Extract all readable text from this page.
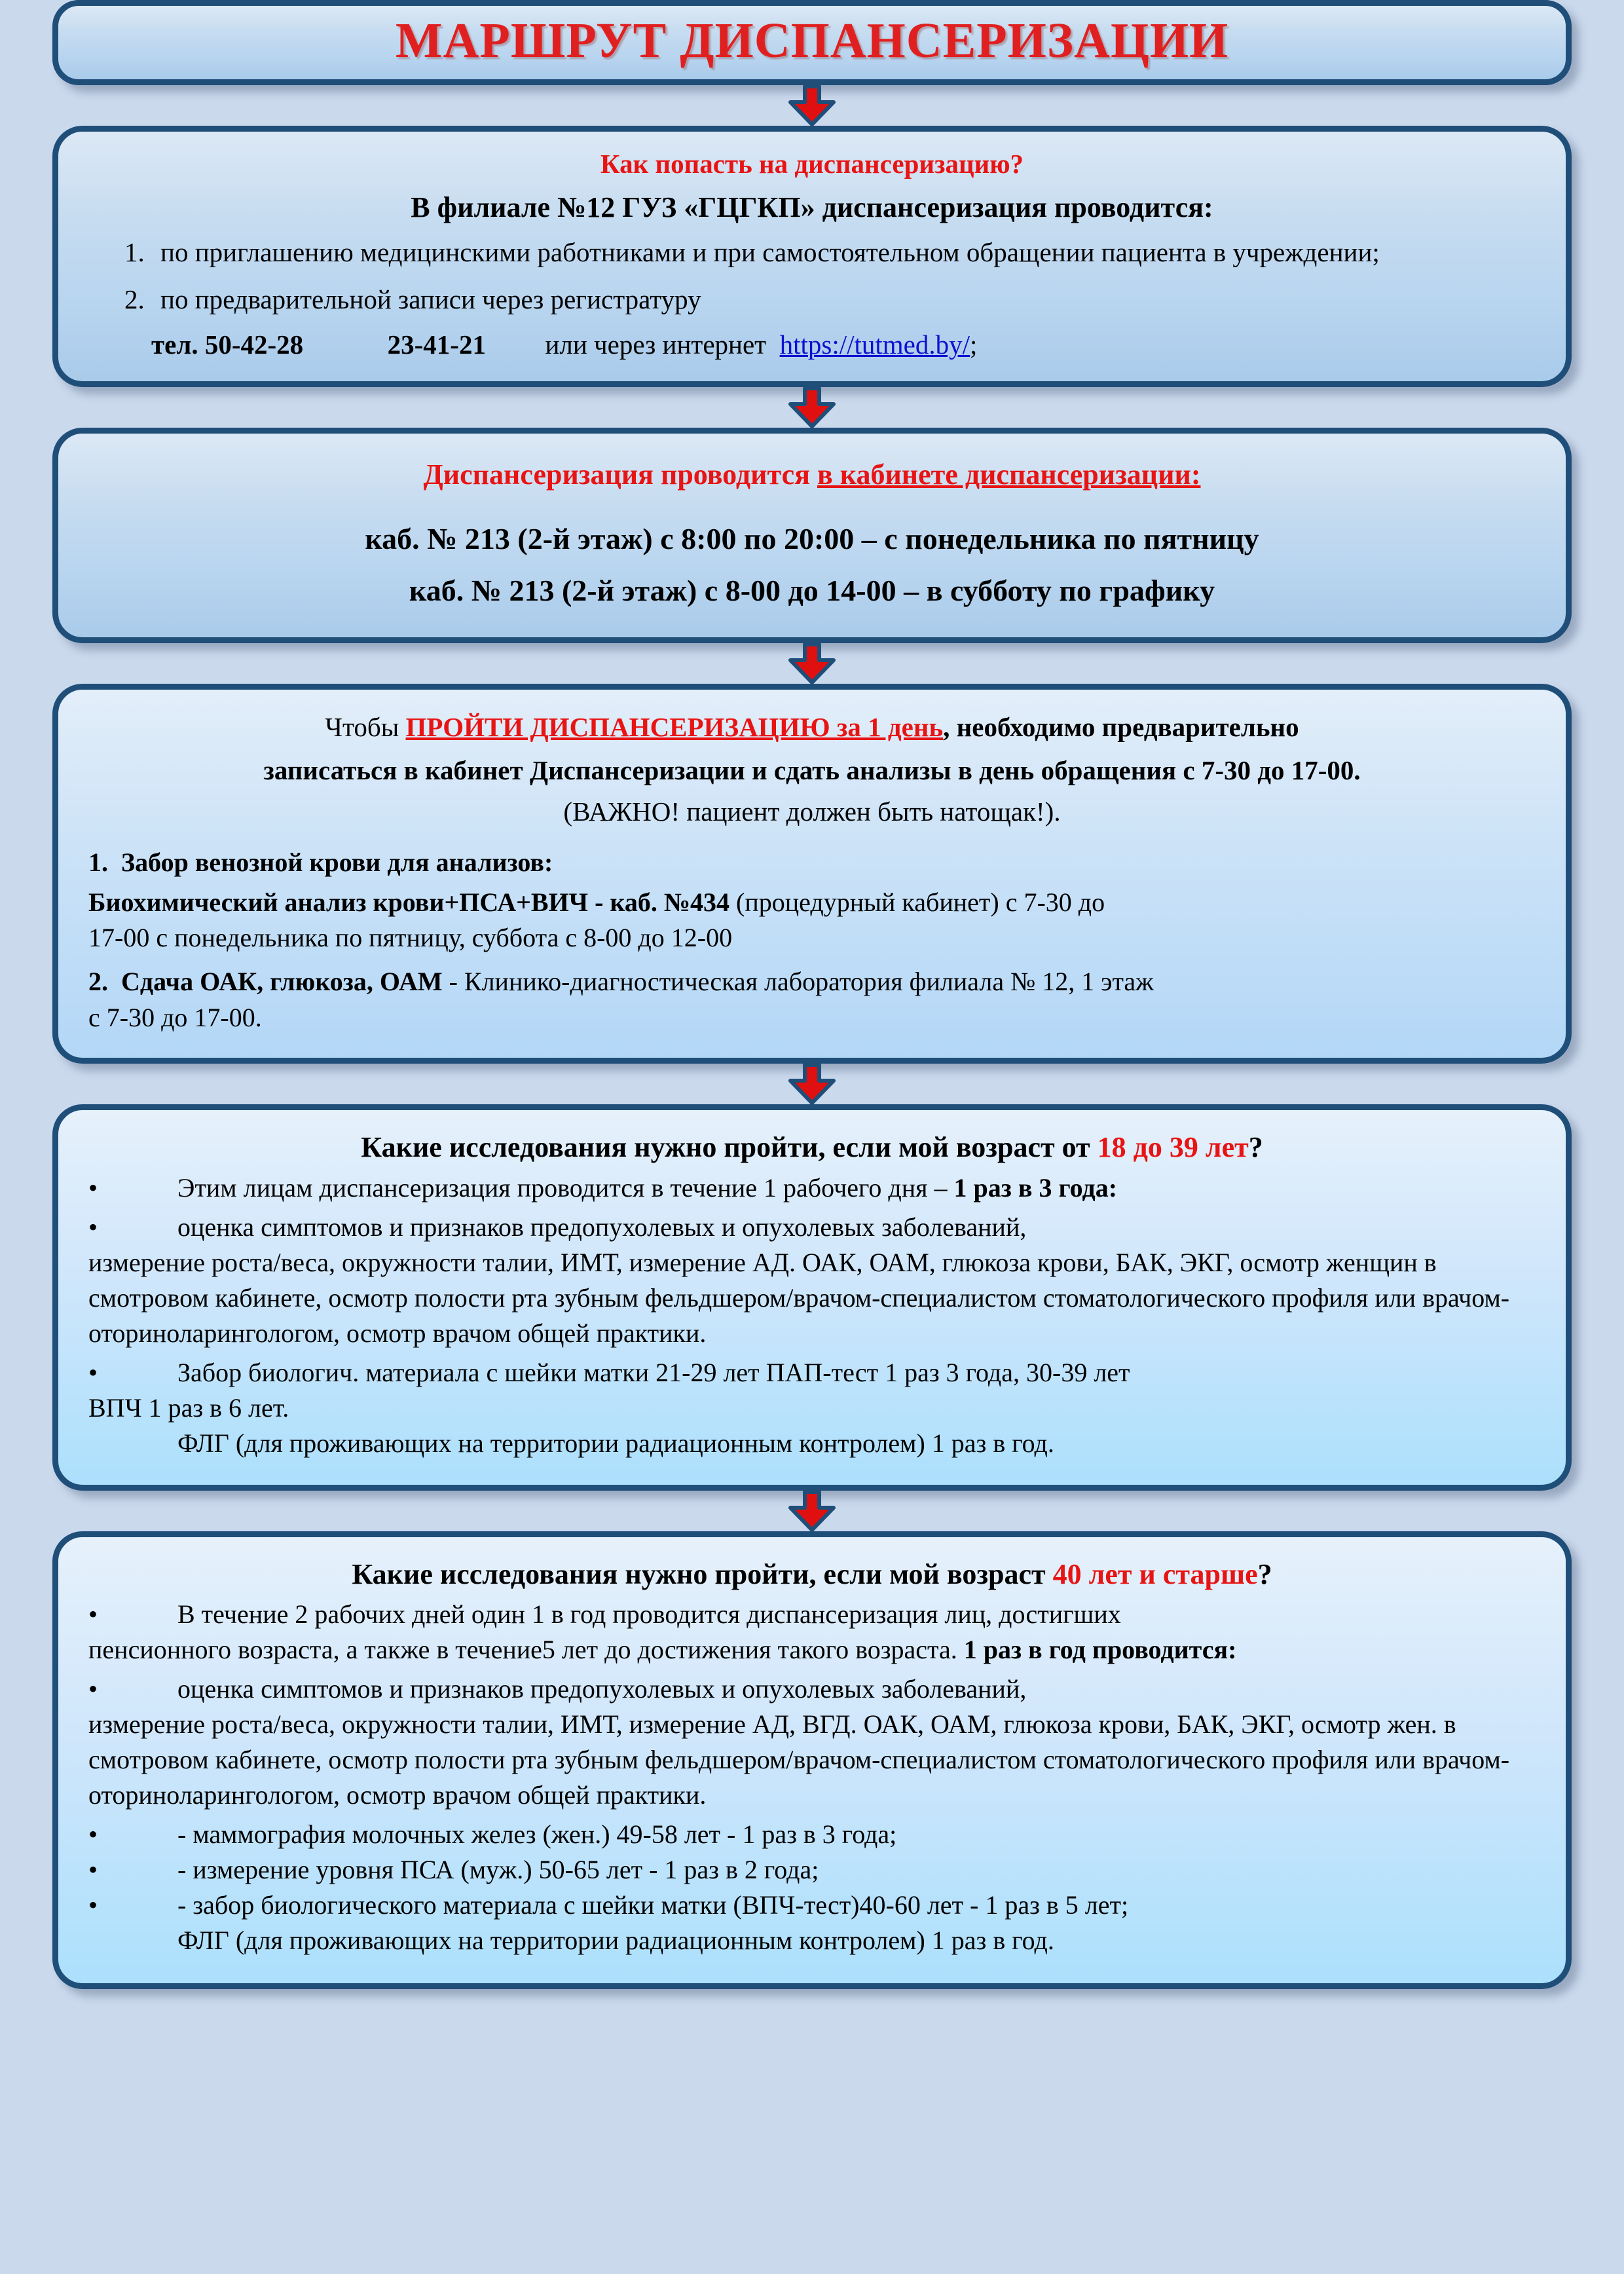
МАРШРУТ ДИСПАНСЕРИЗАЦИИ
Как попасть на диспансеризацию?
В филиале №12 ГУЗ «ГЦГКП» диспансеризация проводится:
1. по приглашению медицинскими работниками и при самостоятельном обращении пациента в учреждении;
2. по предварительной записи через регистратуру
тел. 50-42-28	23-41-21 или через интернет https://tutmed.by/;
Диспансеризация проводится в кабинете диспансеризации:
каб. № 213 (2-й этаж) с 8:00 по 20:00 – с понедельника по пятницу
каб. № 213 (2-й этаж) с 8-00 до 14-00 – в субботу по графику
Чтобы ПРОЙТИ ДИСПАНСЕРИЗАЦИЮ за 1 день, необходимо предварительно
записаться в кабинет Диспансеризации и сдать анализы в день обращения с 7-30 до 17-00.
(ВАЖНО! пациент должен быть натощак!).
1. Забор венозной крови для анализов:
Биохимический анализ крови+ПСА+ВИЧ - каб. №434 (процедурный кабинет) с 7-30 до
17-00 с понедельника по пятницу, суббота с 8-00 до 12-00
2. Сдача ОАК, глюкоза, ОАМ - Клинико-диагностическая лаборатория филиала № 12, 1 этаж
с 7-30 до 17-00.
Какие исследования нужно пройти, если мой возраст от 18 до 39 лет?
•	Этим лицам диспансеризация проводится в течение 1 рабочего дня – 1 раз в 3 года:
•	оценка симптомов и признаков предопухолевых и опухолевых заболеваний,
измерение роста/веса, окружности талии, ИМТ, измерение АД. ОАК, ОАМ, глюкоза крови, БАК, ЭКГ, осмотр женщин в смотровом кабинете, осмотр полости рта зубным фельдшером/врачом-специалистом стоматологического профиля или врачом-оториноларингологом, осмотр врачом общей практики.
•	Забор биологич. материала с шейки матки 21-29 лет ПАП-тест 1 раз 3 года, 30-39 лет
ВПЧ 1 раз в 6 лет.
ФЛГ (для проживающих на территории радиационным контролем) 1 раз в год.
Какие исследования нужно пройти, если мой возраст 40 лет и старше?
•	В течение 2 рабочих дней один 1 в год проводится диспансеризация лиц, достигших
пенсионного возраста, а также в течение5 лет до достижения такого возраста. 1 раз в год проводится:
•	оценка симптомов и признаков предопухолевых и опухолевых заболеваний,
измерение роста/веса, окружности талии, ИМТ, измерение АД, ВГД. ОАК, ОАМ, глюкоза крови, БАК, ЭКГ, осмотр жен. в смотровом кабинете, осмотр полости рта зубным фельдшером/врачом-специалистом стоматологического профиля или врачом-оториноларингологом, осмотр врачом общей практики.
•	- маммография молочных желез (жен.) 49-58 лет - 1 раз в 3 года;
•	- измерение уровня ПСА (муж.) 50-65 лет - 1 раз в 2 года;
•	- забор биологического материала с шейки матки (ВПЧ-тест)40-60 лет - 1 раз в 5 лет;
ФЛГ (для проживающих на территории радиационным контролем) 1 раз в год.
